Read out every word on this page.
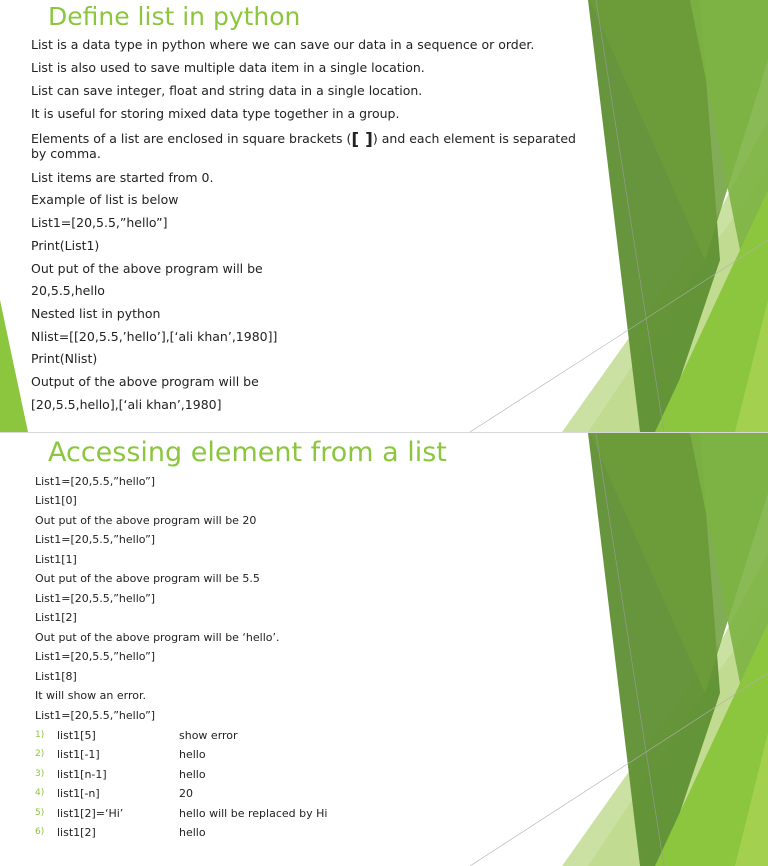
Define list in python

List is a data type in python where we can save our data in a sequence or order.

List is also used to save multiple data item in a single location.

List can save integer, float and string data in a single location.

It is useful for storing mixed data type together in a group.

Elements of a list are enclosed in square brackets ([ ]) and each element is separated by comma.

List items are started from 0.

Example of list is below

List1=[20,5.5,”hello”]

Print(List1)

Out put of the above program will be

20,5.5,hello

Nested list in python

Nlist=[[20,5.5,’hello’],[‘ali khan’,1980]]

Print(Nlist)

Output of the above program will be

[20,5.5,hello],[‘ali khan’,1980]

Accessing element from a list

List1=[20,5.5,”hello”]

List1[0]

Out put of the above program will be 20

List1=[20,5.5,”hello”]

List1[1]

Out put of the above program will be 5.5

List1=[20,5.5,”hello”]

List1[2]

Out put of the above program will be ‘hello’.

List1=[20,5.5,”hello”]

List1[8]

It will show an error.

List1=[20,5.5,”hello”]

1) list1[5]	show error
2) list1[-1]	hello
3) list1[n-1]	hello
4) list1[-n]	20
5) list1[2]=‘Hi’	hello will be replaced by Hi
6) list1[2]	hello
